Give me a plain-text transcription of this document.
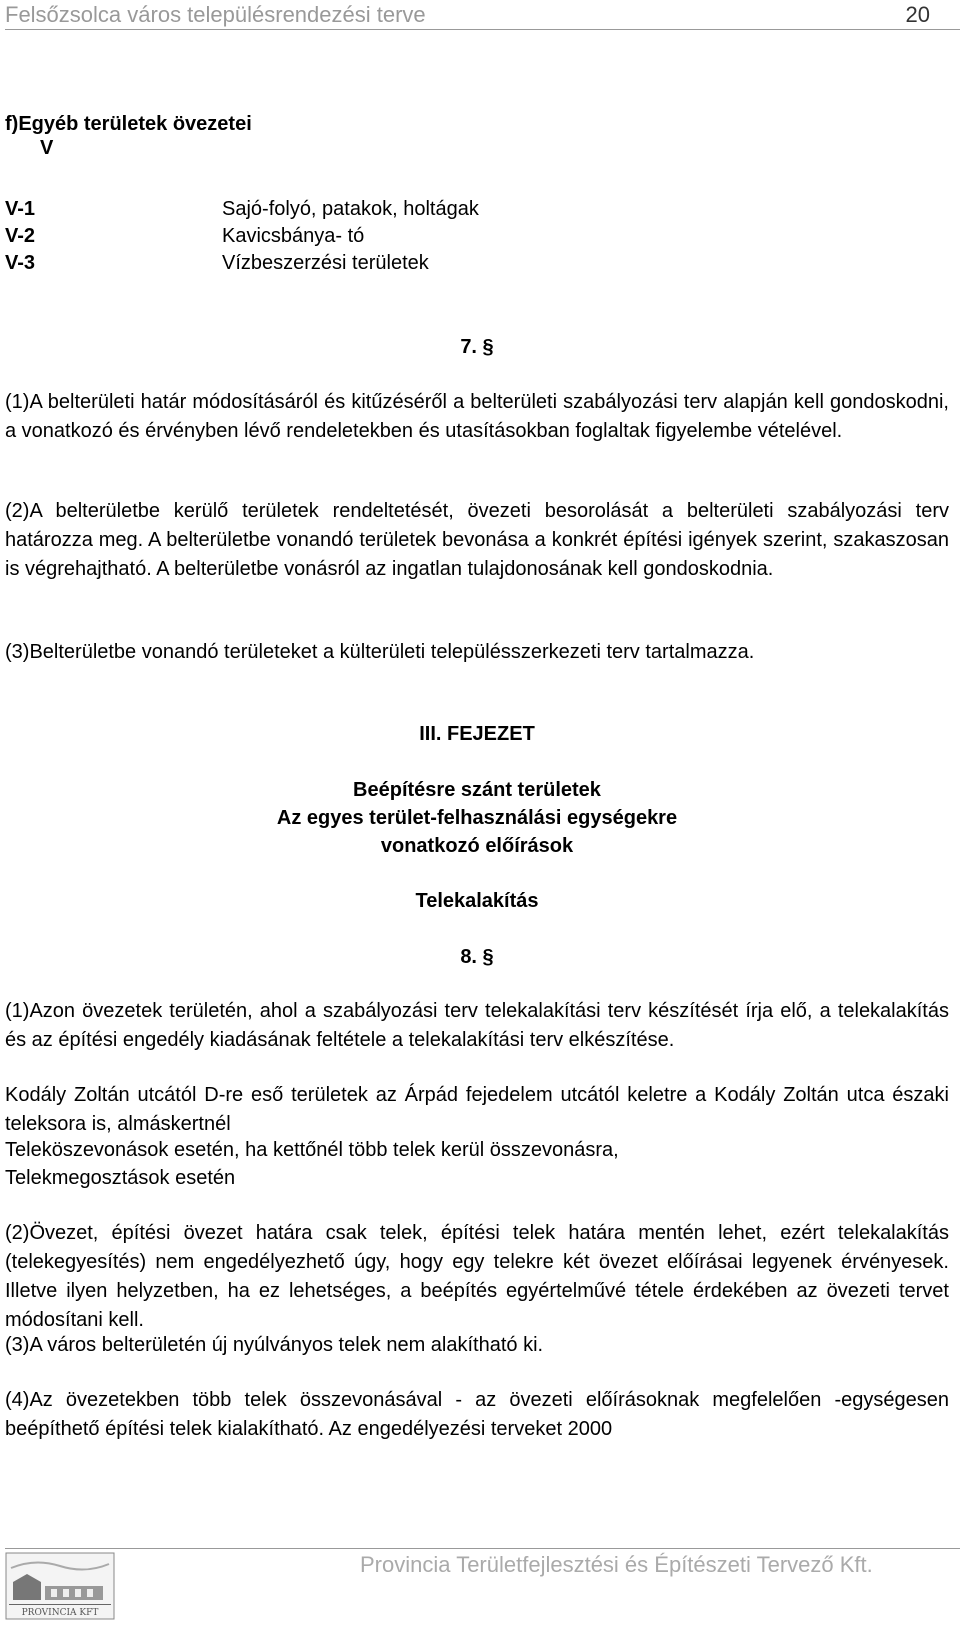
Felsőzsolca város településrendezési terve	20
f)Egyéb területek övezetei
V
V-1	Sajó-folyó, patakok, holtágak
V-2	Kavicsbánya- tó
V-3	Vízbeszerzési területek
7. §
(1)A belterületi határ módosításáról és kitűzéséről a belterületi szabályozási terv alapján kell gondoskodni, a vonatkozó és érvényben lévő rendeletekben és utasításokban foglaltak figyelembe vételével.
(2)A belterületbe kerülő területek rendeltetését, övezeti besorolását a belterületi szabályozási terv határozza meg. A belterületbe vonandó területek bevonása a konkrét építési igények szerint, szakaszosan is végrehajtható. A belterületbe vonásról az ingatlan tulajdonosának kell gondoskodnia.
(3)Belterületbe vonandó területeket a külterületi településszerkezeti terv tartalmazza.
III. FEJEZET
Beépítésre szánt területek
Az egyes terület-felhasználási egységekre
vonatkozó előírások
Telekalakítás
8. §
(1)Azon övezetek területén, ahol a szabályozási terv telekalakítási terv készítését írja elő, a telekalakítás és az építési engedély kiadásának feltétele a telekalakítási terv elkészítése.
Kodály Zoltán utcától D-re eső területek az Árpád fejedelem utcától keletre a Kodály Zoltán utca északi teleksora is, almáskertnél
Teleköszevonások esetén, ha kettőnél több telek kerül összevonásra,
Telekmegosztások esetén
(2)Övezet, építési övezet határa csak telek, építési telek határa mentén lehet, ezért telekalakítás (telekegyesítés) nem engedélyezhető úgy, hogy egy telekre két övezet előírásai legyenek érvényesek. Illetve ilyen helyzetben, ha ez lehetséges, a beépítés egyértelművé tétele érdekében az övezeti tervet módosítani kell.
(3)A város belterületén új nyúlványos telek nem alakítható ki.
(4)Az övezetekben több telek összevonásával - az övezeti előírásoknak megfelelően -egységesen beépíthető építési telek kialakítható. Az engedélyezési terveket 2000
PROVINCIA KFT
Provincia Területfejlesztési és Építészeti Tervező Kft.
